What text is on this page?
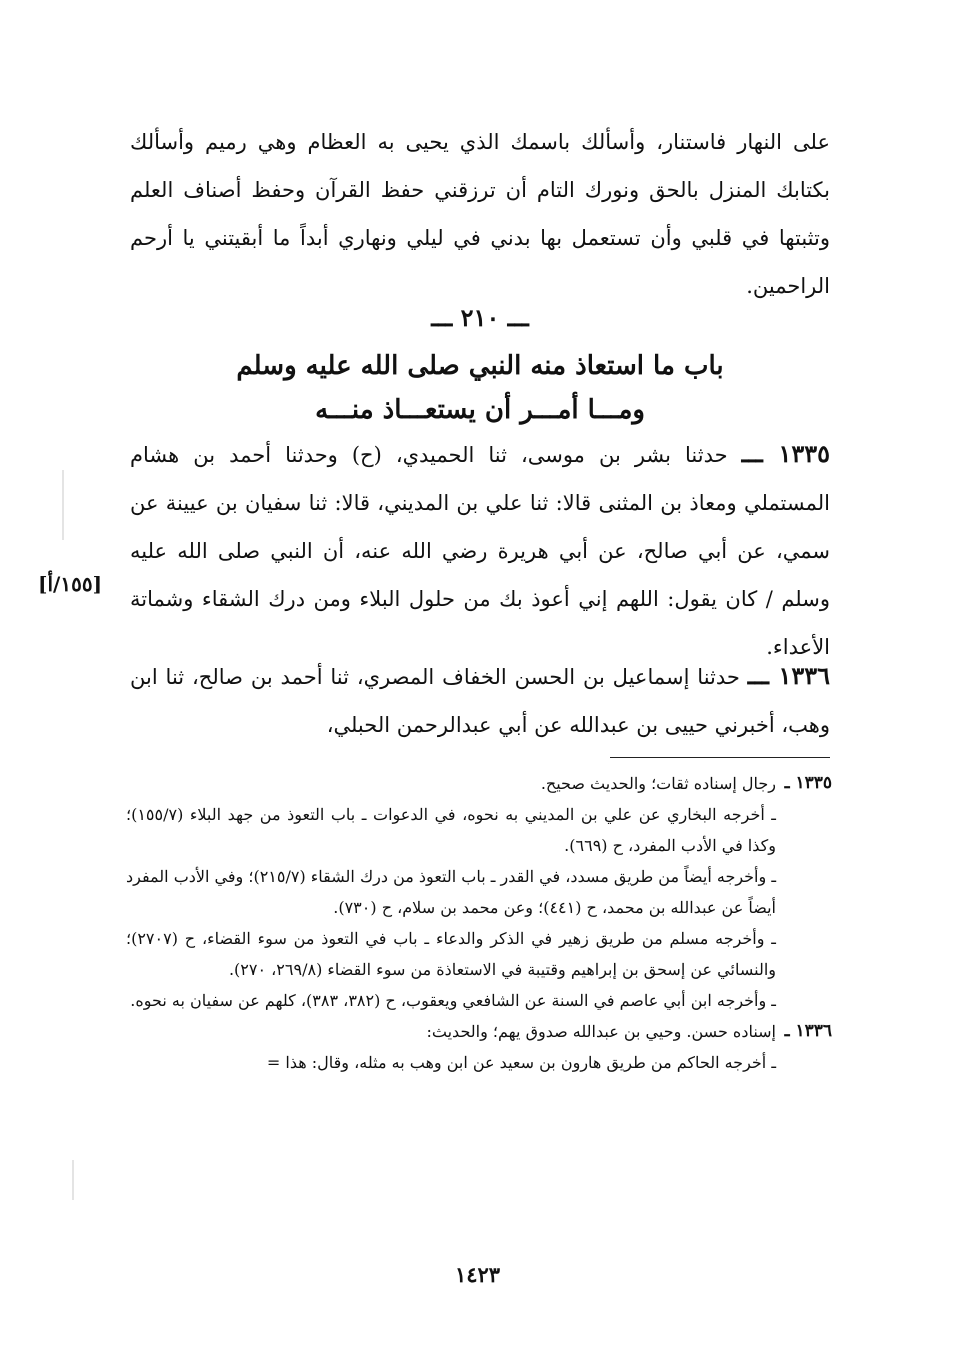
على النهار فاستنار، وأسألك باسمك الذي يحيى به العظام وهي رميم وأسألك بكتابك المنزل بالحق ونورك التام أن ترزقني حفظ القرآن وحفظ أصناف العلم وتثبتها في قلبي وأن تستعمل بها بدني في ليلي ونهاري أبداً ما أبقيتني يا أرحم الراحمين.
ـــ ٢١٠ ـــ
باب ما استعاذ منه النبي صلى الله عليه وسلم
ومـــا أمـــر أن يستعـــاذ منـــه
١٣٣٥ ـــ حدثنا بشر بن موسى، ثنا الحميدي، (ح) وحدثنا أحمد بن هشام المستملي ومعاذ بن المثنى قالا: ثنا علي بن المديني، قالا: ثنا سفيان بن عيينة عن سمي، عن أبي صالح، عن أبي هريرة رضي الله عنه، أن النبي صلى الله عليه وسلم / كان يقول: اللهم إني أعوذ بك من حلول البلاء ومن درك الشقاء وشماتة الأعداء.
[١٥٥/أ]
١٣٣٦ ـــ حدثنا إسماعيل بن الحسن الخفاف المصري، ثنا أحمد بن صالح، ثنا ابن وهب، أخبرني حييى بن عبدالله عن أبي عبدالرحمن الحبلي،
١٣٣٥ ـ
رجال إسناده ثقات؛ والحديث صحيح.
ـ أخرجه البخاري عن علي بن المديني به نحوه، في الدعوات ـ باب التعوذ من جهد البلاء (١٥٥/٧)؛ وكذا في الأدب المفرد، ح (٦٦٩).
ـ وأخرجه أيضاً من طريق مسدد، في القدر ـ باب التعوذ من درك الشقاء (٢١٥/٧)؛ وفي الأدب المفرد أيضاً عن عبدالله بن محمد، ح (٤٤١)؛ وعن محمد بن سلام، ح (٧٣٠).
ـ وأخرجه مسلم من طريق زهير في الذكر والدعاء ـ باب في التعوذ من سوء القضاء، ح (٢٧٠٧)؛ والنسائي عن إسحق بن إبراهيم وقتيبة في الاستعاذة من سوء القضاء (٢٦٩/٨، ٢٧٠).
ـ وأخرجه ابن أبي عاصم في السنة عن الشافعي ويعقوب، ح (٣٨٢، ٣٨٣)، كلهم عن سفيان به نحوه.
١٣٣٦ ـ
إسناده حسن. وحيي بن عبدالله صدوق يهم؛ والحديث:
ـ أخرجه الحاكم من طريق هارون بن سعيد عن ابن وهب به مثله، وقال: هذا =
١٤٢٣
